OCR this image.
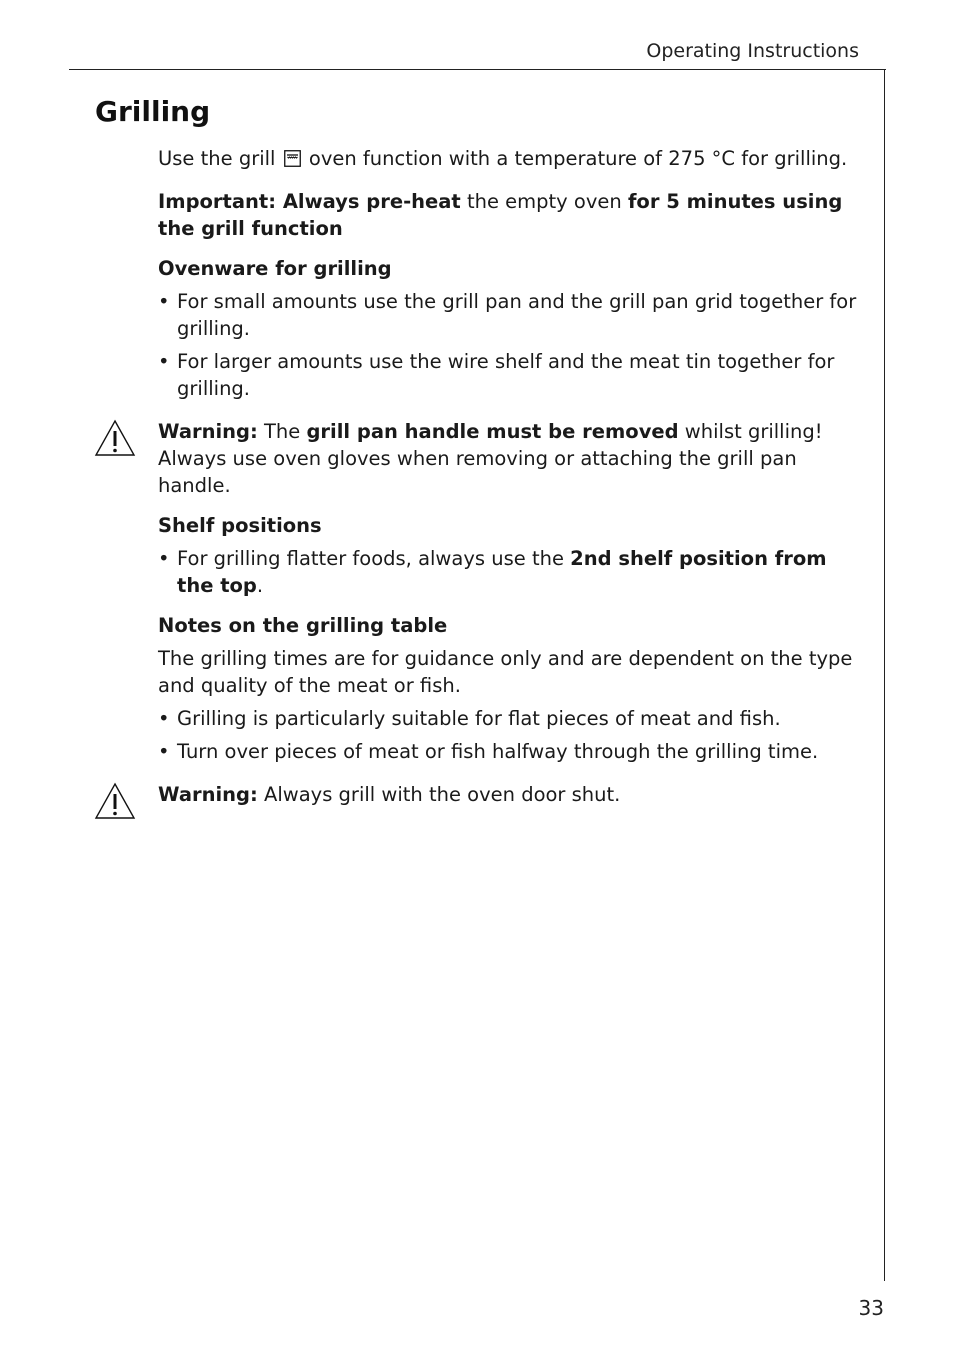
Operating Instructions
Grilling

Use the grill oven function with a temperature of 275 °C for grilling.

Important: Always pre-heat the empty oven for 5 minutes using the grill function

Ovenware for grilling

• For small amounts use the grill pan and the grill pan grid together for grilling.

• For larger amounts use the wire shelf and the meat tin together for grilling.

Warning: The grill pan handle must be removed whilst grilling! Always use oven gloves when removing or attaching the grill pan handle.

Shelf positions

• For grilling flatter foods, always use the 2nd shelf position from the top.

Notes on the grilling table

The grilling times are for guidance only and are dependent on the type and quality of the meat or fish.

• Grilling is particularly suitable for flat pieces of meat and fish.

• Turn over pieces of meat or fish halfway through the grilling time.

Warning: Always grill with the oven door shut.

33
